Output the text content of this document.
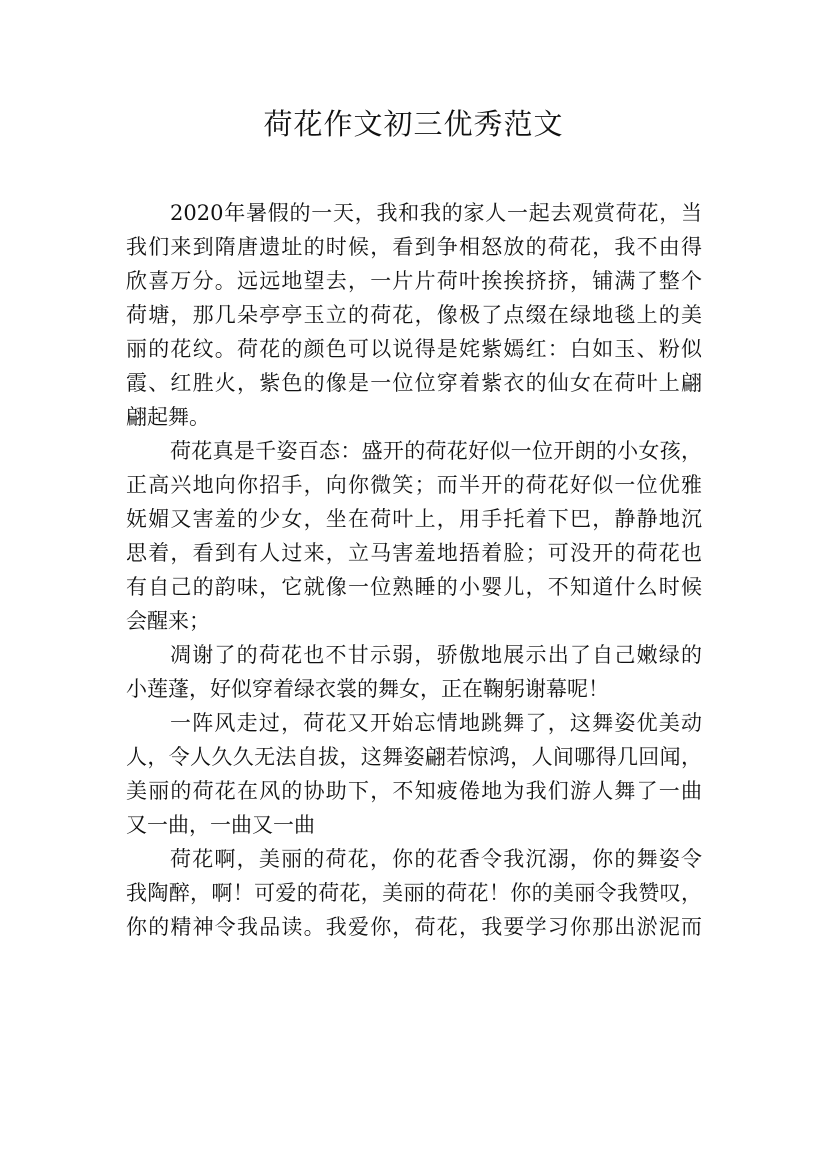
荷花作文初三优秀范文
2020年暑假的一天，我和我的家人一起去观赏荷花，当
我们来到隋唐遗址的时候，看到争相怒放的荷花，我不由得
欣喜万分。远远地望去，一片片荷叶挨挨挤挤，铺满了整个
荷塘，那几朵亭亭玉立的荷花，像极了点缀在绿地毯上的美
丽的花纹。荷花的颜色可以说得是姹紫嫣红：白如玉、粉似
霞、红胜火，紫色的像是一位位穿着紫衣的仙女在荷叶上翩
翩起舞。
荷花真是千姿百态：盛开的荷花好似一位开朗的小女孩，
正高兴地向你招手，向你微笑；而半开的荷花好似一位优雅
妩媚又害羞的少女，坐在荷叶上，用手托着下巴，静静地沉
思着，看到有人过来，立马害羞地捂着脸；可没开的荷花也
有自己的韵味，它就像一位熟睡的小婴儿，不知道什么时候
会醒来；
凋谢了的荷花也不甘示弱，骄傲地展示出了自己嫩绿的
小莲蓬，好似穿着绿衣裳的舞女，正在鞠躬谢幕呢！
一阵风走过，荷花又开始忘情地跳舞了，这舞姿优美动
人，令人久久无法自拔，这舞姿翩若惊鸿，人间哪得几回闻，
美丽的荷花在风的协助下，不知疲倦地为我们游人舞了一曲
又一曲，一曲又一曲
荷花啊，美丽的荷花，你的花香令我沉溺，你的舞姿令
我陶醉，啊！可爱的荷花，美丽的荷花！你的美丽令我赞叹，
你的精神令我品读。我爱你，荷花，我要学习你那出淤泥而
